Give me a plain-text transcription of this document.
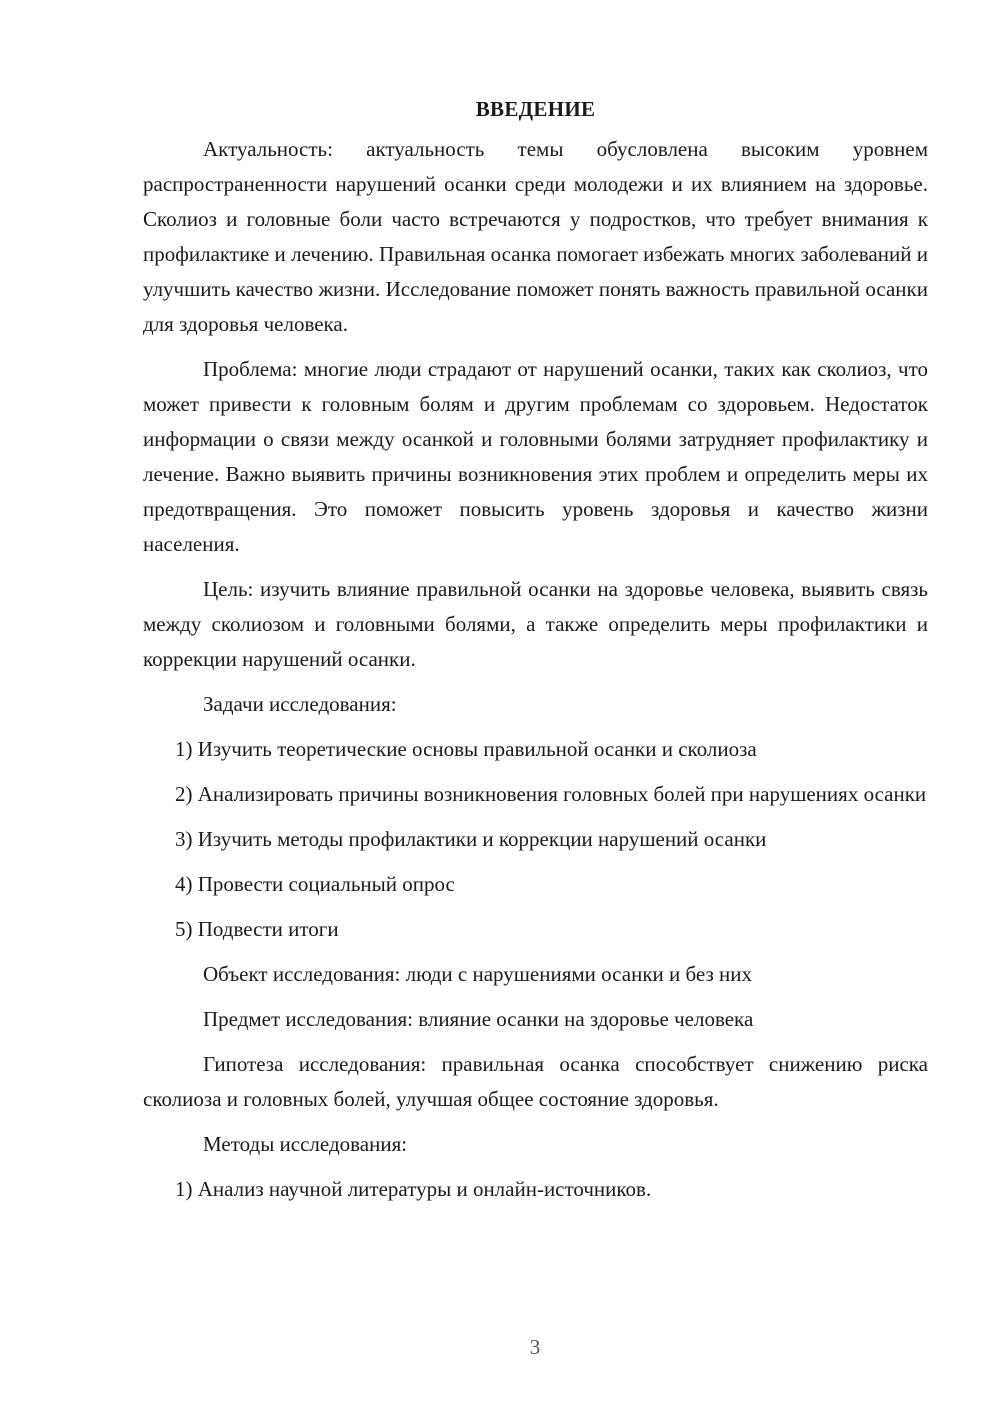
ВВЕДЕНИЕ

Актуальность: актуальность темы обусловлена высоким уровнем распространенности нарушений осанки среди молодежи и их влиянием на здоровье. Сколиоз и головные боли часто встречаются у подростков, что требует внимания к профилактике и лечению. Правильная осанка помогает избежать многих заболеваний и улучшить качество жизни. Исследование поможет понять важность правильной осанки для здоровья человека.

Проблема: многие люди страдают от нарушений осанки, таких как сколиоз, что может привести к головным болям и другим проблемам со здоровьем. Недостаток информации о связи между осанкой и головными болями затрудняет профилактику и лечение. Важно выявить причины возникновения этих проблем и определить меры их предотвращения. Это поможет повысить уровень здоровья и качество жизни населения.

Цель: изучить влияние правильной осанки на здоровье человека, выявить связь между сколиозом и головными болями, а также определить меры профилактики и коррекции нарушений осанки.

Задачи исследования:

1) Изучить теоретические основы правильной осанки и сколиоза

2) Анализировать причины возникновения головных болей при нарушениях осанки

3) Изучить методы профилактики и коррекции нарушений осанки

4) Провести социальный опрос

5) Подвести итоги

Объект исследования: люди с нарушениями осанки и без них

Предмет исследования: влияние осанки на здоровье человека

Гипотеза исследования: правильная осанка способствует снижению риска сколиоза и головных болей, улучшая общее состояние здоровья.

Методы исследования:

1) Анализ научной литературы и онлайн-источников.

3
